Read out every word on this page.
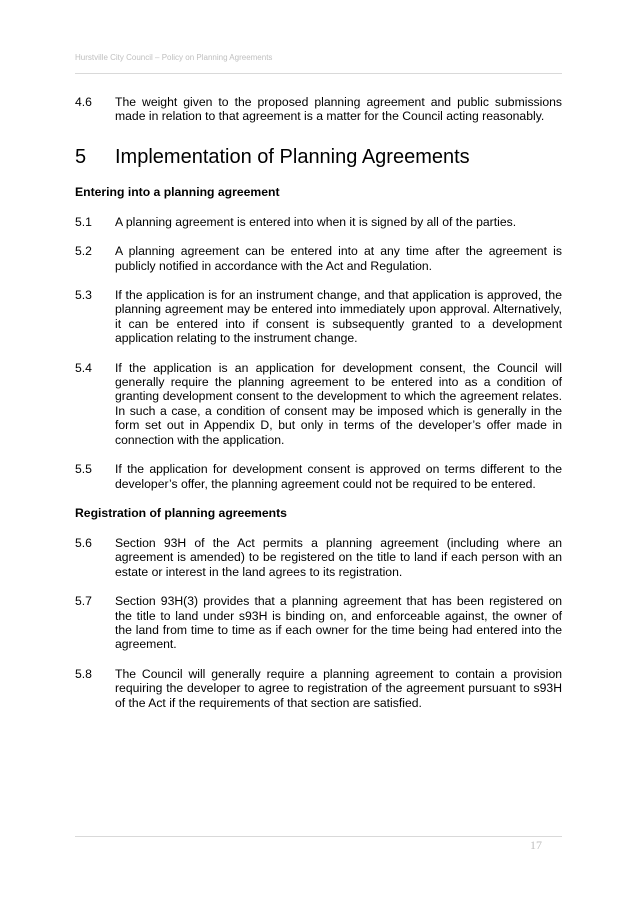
Hurstville City Council – Policy on Planning Agreements
4.6	The weight given to the proposed planning agreement and public submissions made in relation to that agreement is a matter for the Council acting reasonably.
5	Implementation of Planning Agreements
Entering into a planning agreement
5.1	A planning agreement is entered into when it is signed by all of the parties.
5.2	A planning agreement can be entered into at any time after the agreement is publicly notified in accordance with the Act and Regulation.
5.3	If the application is for an instrument change, and that application is approved, the planning agreement may be entered into immediately upon approval. Alternatively, it can be entered into if consent is subsequently granted to a development application relating to the instrument change.
5.4	If the application is an application for development consent, the Council will generally require the planning agreement to be entered into as a condition of granting development consent to the development to which the agreement relates. In such a case, a condition of consent may be imposed which is generally in the form set out in Appendix D, but only in terms of the developer’s offer made in connection with the application.
5.5	If the application for development consent is approved on terms different to the developer’s offer, the planning agreement could not be required to be entered.
Registration of planning agreements
5.6	Section 93H of the Act permits a planning agreement (including where an agreement is amended) to be registered on the title to land if each person with an estate or interest in the land agrees to its registration.
5.7	Section 93H(3) provides that a planning agreement that has been registered on the title to land under s93H is binding on, and enforceable against, the owner of the land from time to time as if each owner for the time being had entered into the agreement.
5.8	The Council will generally require a planning agreement to contain a provision requiring the developer to agree to registration of the agreement pursuant to s93H of the Act if the requirements of that section are satisfied.
17
